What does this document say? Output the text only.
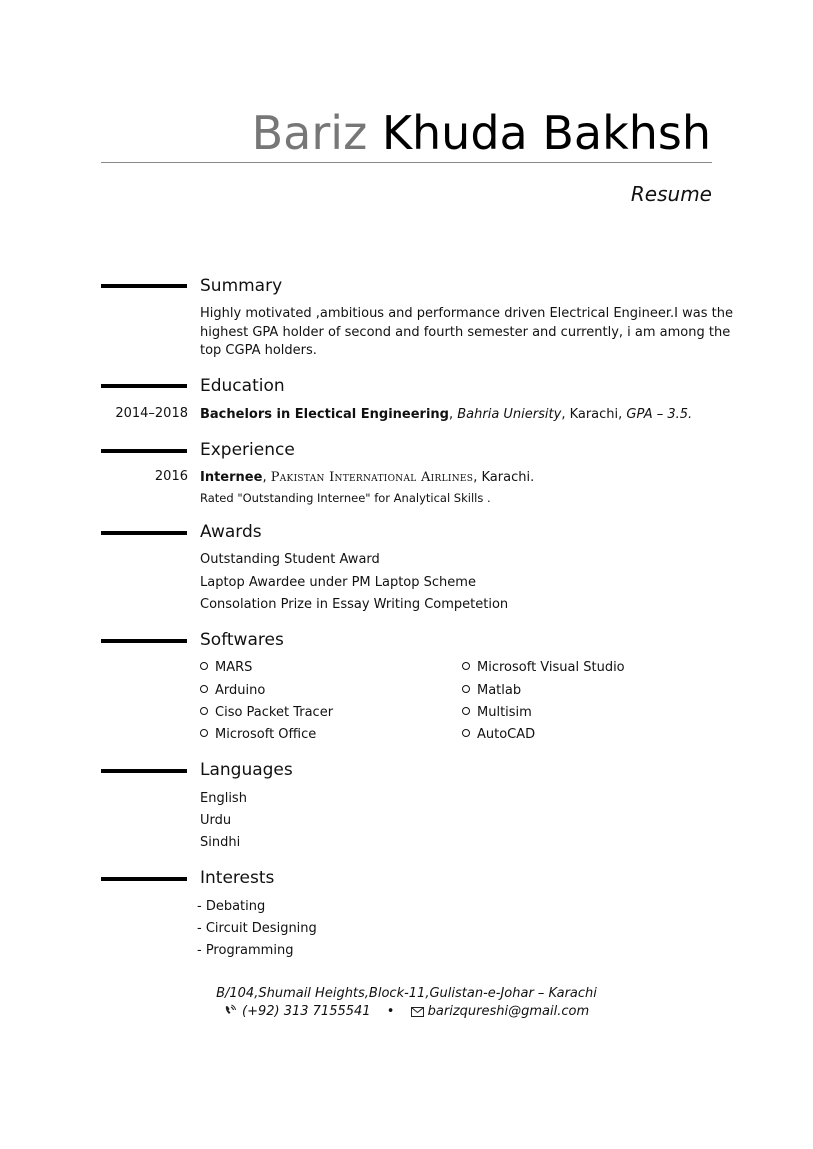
Bariz Khuda Bakhsh
Resume
Summary
Highly motivated ,ambitious and performance driven Electrical Engineer.I was the
highest GPA holder of second and fourth semester and currently, i am among the
top CGPA holders.
Education
2014–2018 Bachelors in Electical Engineering, Bahria Uniersity, Karachi, GPA – 3.5.
Experience
2016 Internee, Pakistan International Airlines, Karachi.
Rated "Outstanding Internee" for Analytical Skills .
Awards
Outstanding Student Award
Laptop Awardee under PM Laptop Scheme
Consolation Prize in Essay Writing Competetion
Softwares
MARS
Arduino
Ciso Packet Tracer
Microsoft Office
Microsoft Visual Studio
Matlab
Multisim
AutoCAD
Languages
English
Urdu
Sindhi
Interests
- Debating
- Circuit Designing
- Programming
B/104,Shumail Heights,Block-11,Gulistan-e-Johar – Karachi
(+92) 313 7155541 •	barizqureshi@gmail.com
